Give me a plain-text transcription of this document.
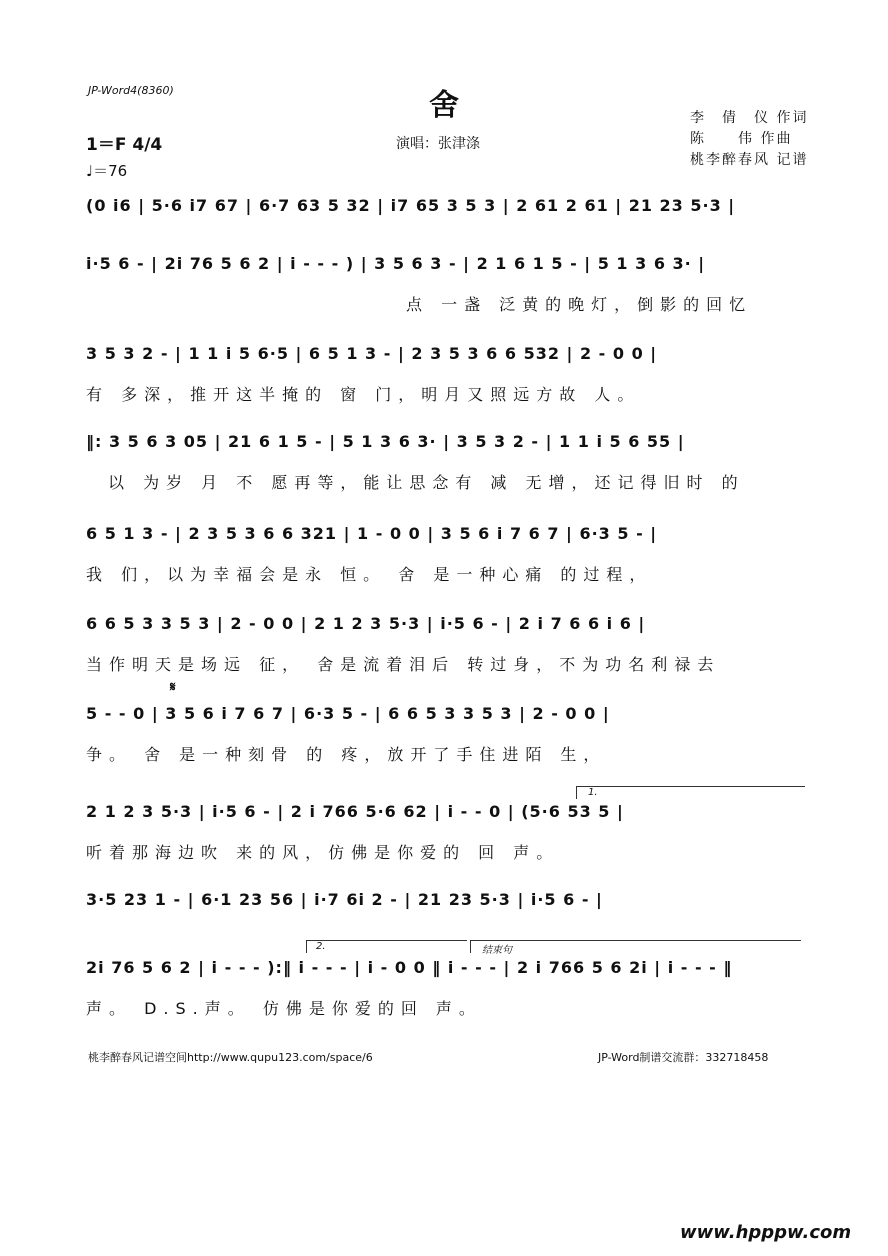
JP-Word4(8360)	舍
演唱：张津涤
李　倩　仪 作词
陈　　伟 作曲
桃李醉春风 记谱
1＝F 4/4
♩＝76
(0 i6 | 5·6 i7 67 | 6·7 63 5 32 | i7 65 3 5 3 | 2 61 2 61 | 21 23 5·3 |
i·5 6 - | 2i 76 5 6 2 | i - - - ) | 3 5 6 3 - | 2 1 6 1 5 - | 5 1 3 6 3· |
点 一盏 泛黄的晚灯，倒影的回忆
3 5 3 2 - | 1 1 i 5 6·5 | 6 5 1 3 - | 2 3 5 3 6 6 532 | 2 - 0 0 |
有 多深，推开这半掩的 窗 门，明月又照远方故 人。
‖: 3 5 6 3 05 | 21 6 1 5 - | 5 1 3 6 3· | 3 5 3 2 - | 1 1 i 5 6 55 |
以 为岁 月 不 愿再等，能让思念有 减 无增，还记得旧时 的
6 5 1 3 - | 2 3 5 3 6 6 321 | 1 - 0 0 | 3 5 6 i 7 6 7 | 6·3 5 - |
我 们，以为幸福会是永 恒。 舍 是一种心痛 的过程，
6 6 5 3 3 5 3 | 2 - 0 0 | 2 1 2 3 5·3 | i·5 6 - | 2 i 7 6 6 i 6 |
当作明天是场远 征， 舍是流着泪后 转过身，不为功名利禄去
𝄋
5 - - 0 | 3 5 6 i 7 6 7 | 6·3 5 - | 6 6 5 3 3 5 3 | 2 - 0 0 |
争。 舍 是一种刻骨 的 疼，放开了手住进陌 生，
1.
2 1 2 3 5·3 | i·5 6 - | 2 i 766 5·6 62 | i - - 0 | (5·6 53 5 |
听着那海边吹 来的风，仿佛是你爱的 回 声。
3·5 23 1 - | 6·1 23 56 | i·7 6i 2 - | 21 23 5·3 | i·5 6 - |
2.	结束句
2i 76 5 6 2 | i - - - ):‖ i - - - | i - 0 0 ‖ i - - - | 2 i 766 5 6 2i | i - - - ‖
声。 D.S.声。 仿佛是你爱的回 声。
桃李醉春风记谱空间http://www.qupu123.com/space/6	JP-Word制谱交流群：332718458
www.hpppw.com
